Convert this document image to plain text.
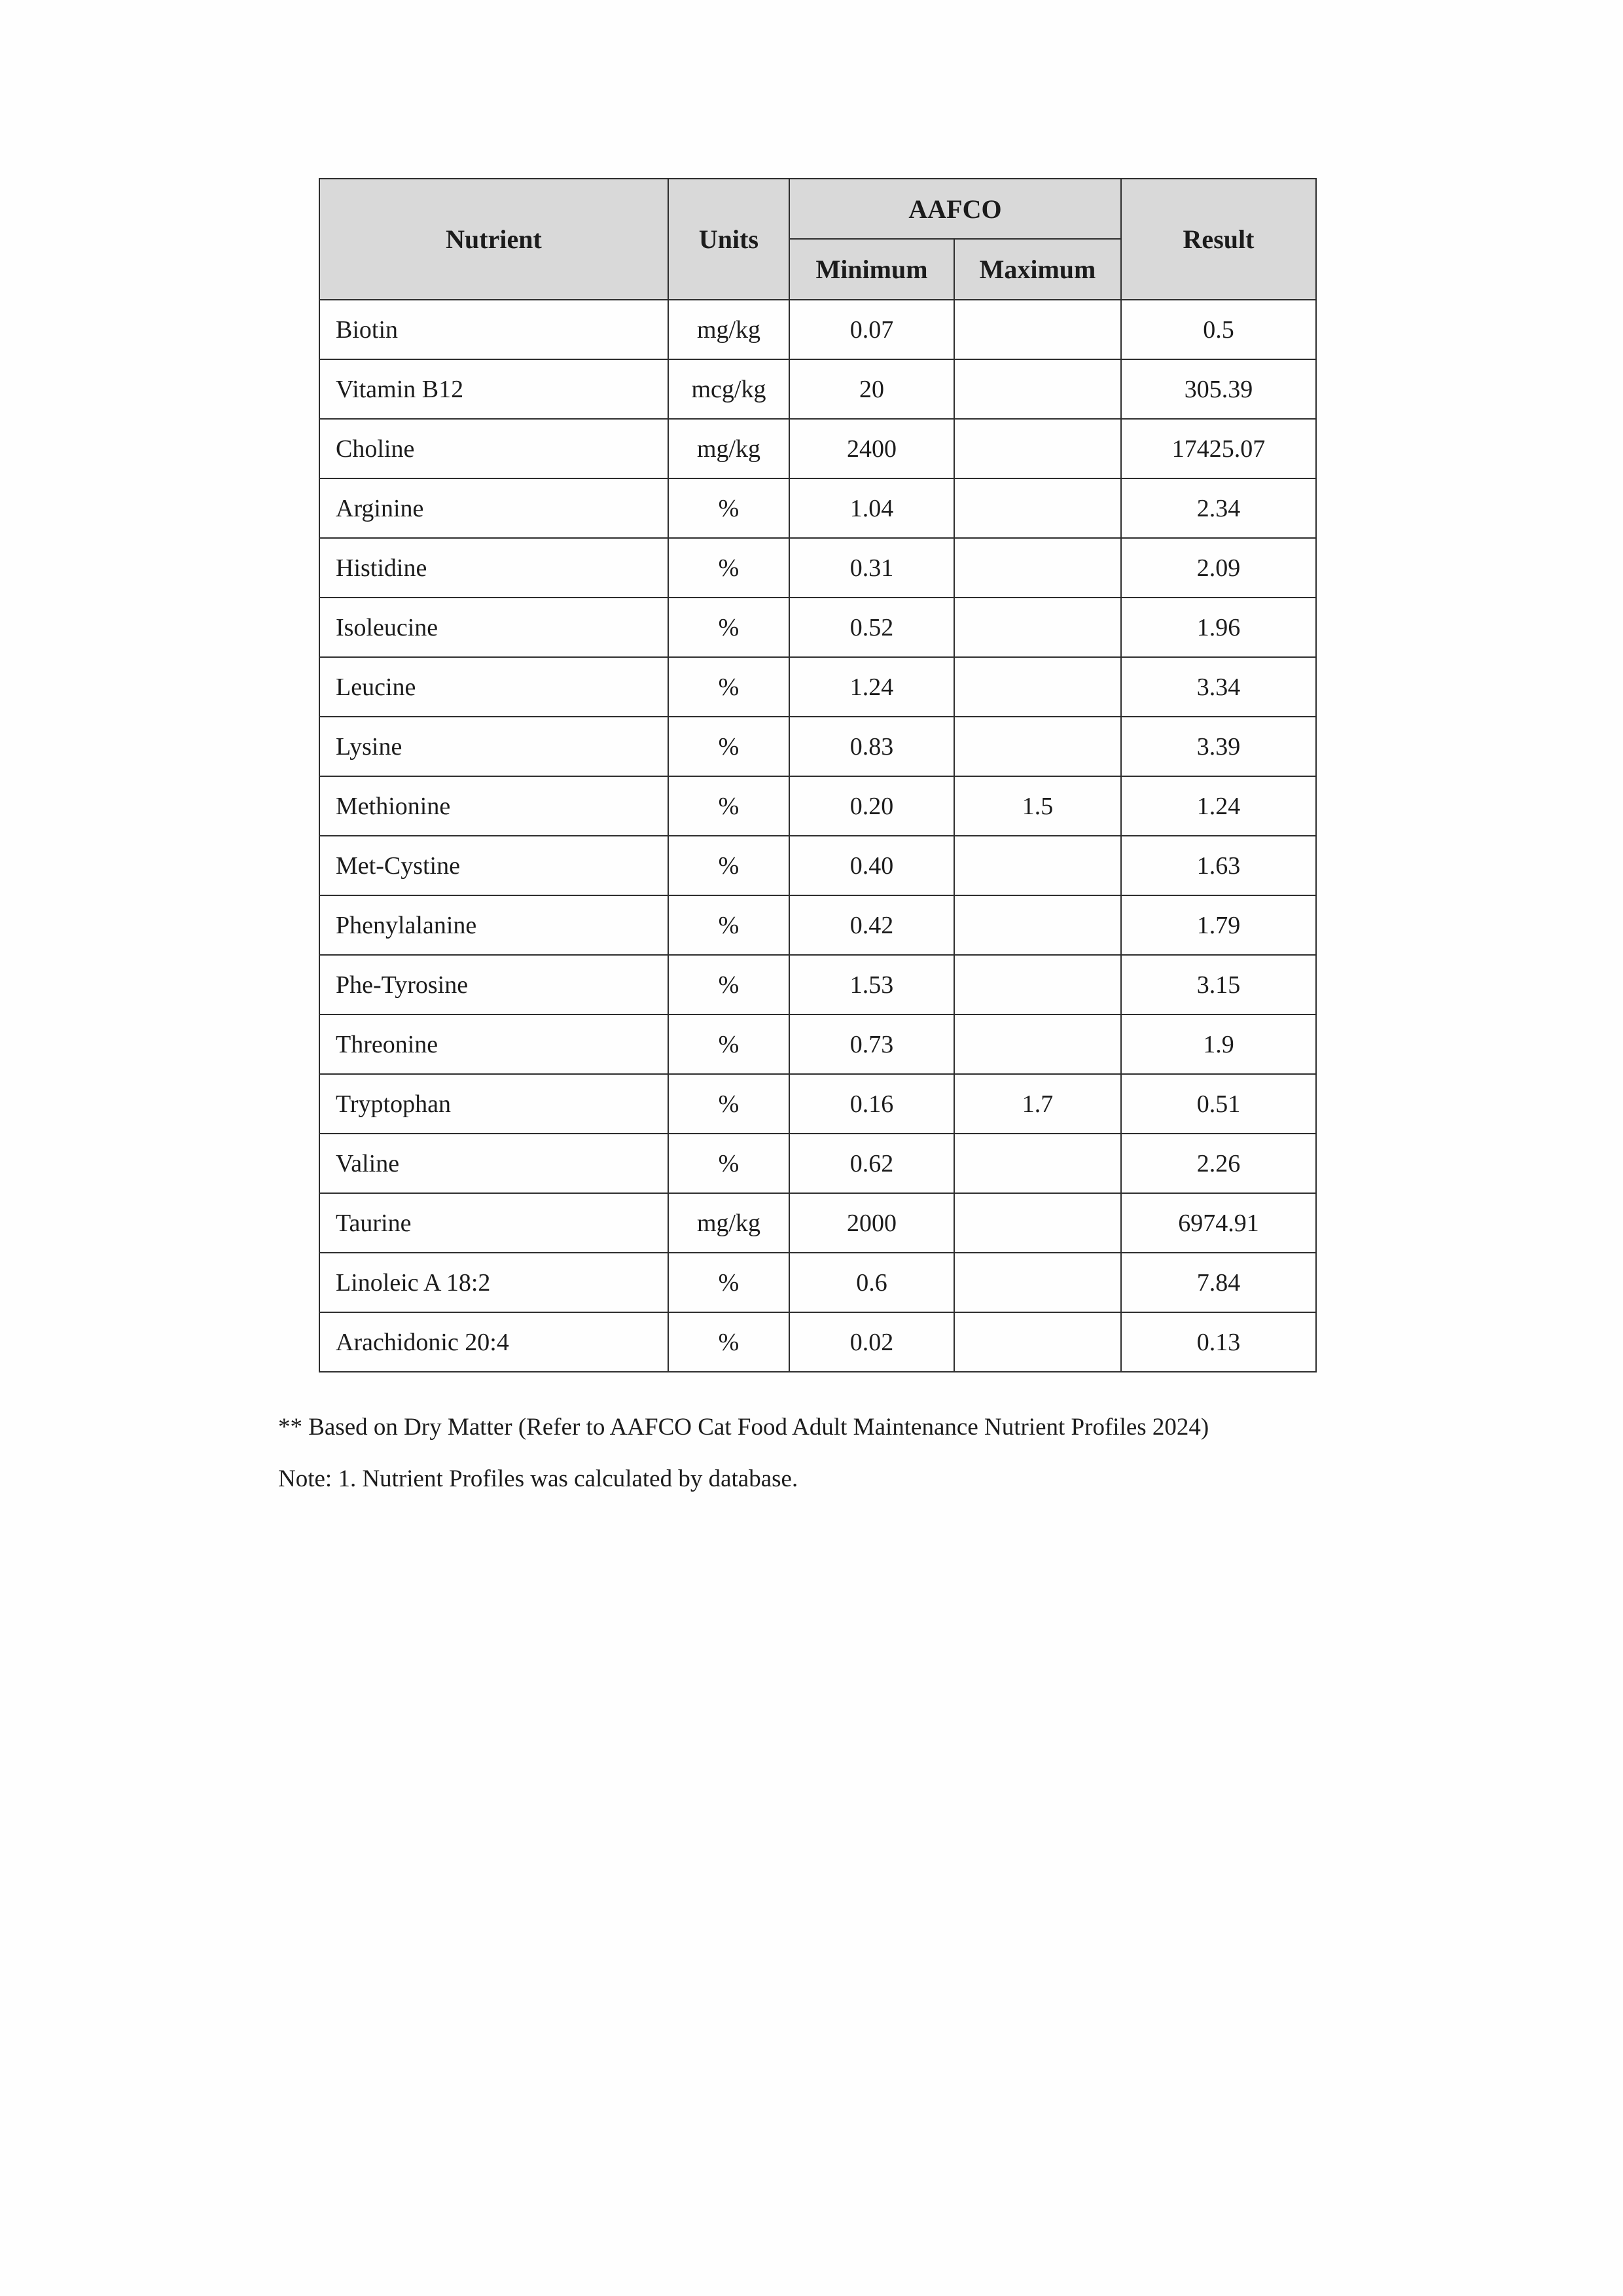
Nutrient	Units	AAFCO		Result
		Minimum	Maximum	
Biotin	mg/kg	0.07		0.5
Vitamin B12	mcg/kg	20		305.39
Choline	mg/kg	2400		17425.07
Arginine	%	1.04		2.34
Histidine	%	0.31		2.09
Isoleucine	%	0.52		1.96
Leucine	%	1.24		3.34
Lysine	%	0.83		3.39
Methionine	%	0.20	1.5	1.24
Met-Cystine	%	0.40		1.63
Phenylalanine	%	0.42		1.79
Phe-Tyrosine	%	1.53		3.15
Threonine	%	0.73		1.9
Tryptophan	%	0.16	1.7	0.51
Valine	%	0.62		2.26
Taurine	mg/kg	2000		6974.91
Linoleic A 18:2	%	0.6		7.84
Arachidonic 20:4	%	0.02		0.13

** Based on Dry Matter (Refer to AAFCO Cat Food Adult Maintenance Nutrient Profiles 2024)

Note: 1. Nutrient Profiles was calculated by database.
